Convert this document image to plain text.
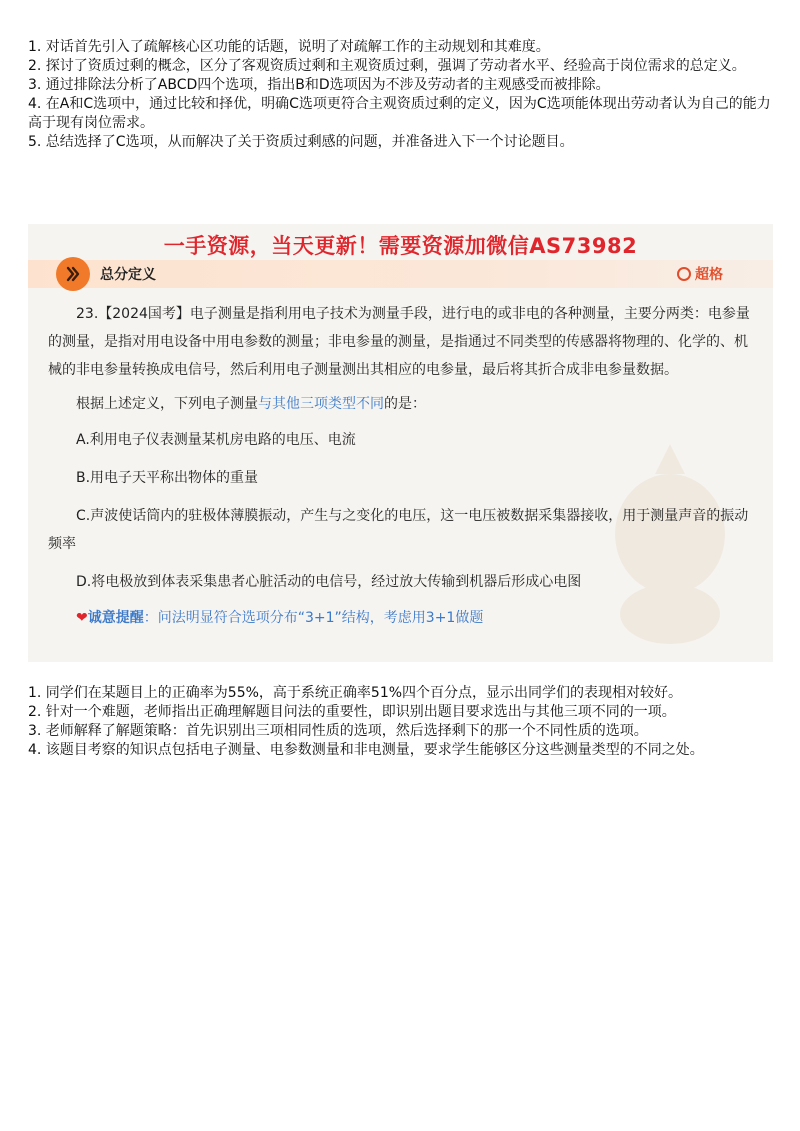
1. 对话首先引入了疏解核心区功能的话题，说明了对疏解工作的主动规划和其难度。

2. 探讨了资质过剩的概念，区分了客观资质过剩和主观资质过剩，强调了劳动者水平、经验高于岗位需求的总定义。

3. 通过排除法分析了ABCD四个选项，指出B和D选项因为不涉及劳动者的主观感受而被排除。

4. 在A和C选项中，通过比较和择优，明确C选项更符合主观资质过剩的定义，因为C选项能体现出劳动者认为自己的能力高于现有岗位需求。

5. 总结选择了C选项，从而解决了关于资质过剩感的问题，并准备进入下一个讨论题目。

一手资源，当天更新！需要资源加微信AS73982
总分定义	超格

23.【2024国考】电子测量是指利用电子技术为测量手段，进行电的或非电的各种测量，主要分两类：电参量的测量，是指对用电设备中用电参数的测量；非电参量的测量，是指通过不同类型的传感器将物理的、化学的、机械的非电参量转换成电信号，然后利用电子测量测出其相应的电参量，最后将其折合成非电参量数据。

根据上述定义，下列电子测量与其他三项类型不同的是：

A.利用电子仪表测量某机房电路的电压、电流

B.用电子天平称出物体的重量

C.声波使话筒内的驻极体薄膜振动，产生与之变化的电压，这一电压被数据采集器接收，用于测量声音的振动频率

D.将电极放到体表采集患者心脏活动的电信号，经过放大传输到机器后形成心电图

❤诚意提醒：问法明显符合选项分布“3+1”结构，考虑用3+1做题

1. 同学们在某题目上的正确率为55%，高于系统正确率51%四个百分点，显示出同学们的表现相对较好。

2. 针对一个难题，老师指出正确理解题目问法的重要性，即识别出题目要求选出与其他三项不同的一项。

3. 老师解释了解题策略：首先识别出三项相同性质的选项，然后选择剩下的那一个不同性质的选项。

4. 该题目考察的知识点包括电子测量、电参数测量和非电测量，要求学生能够区分这些测量类型的不同之处。
